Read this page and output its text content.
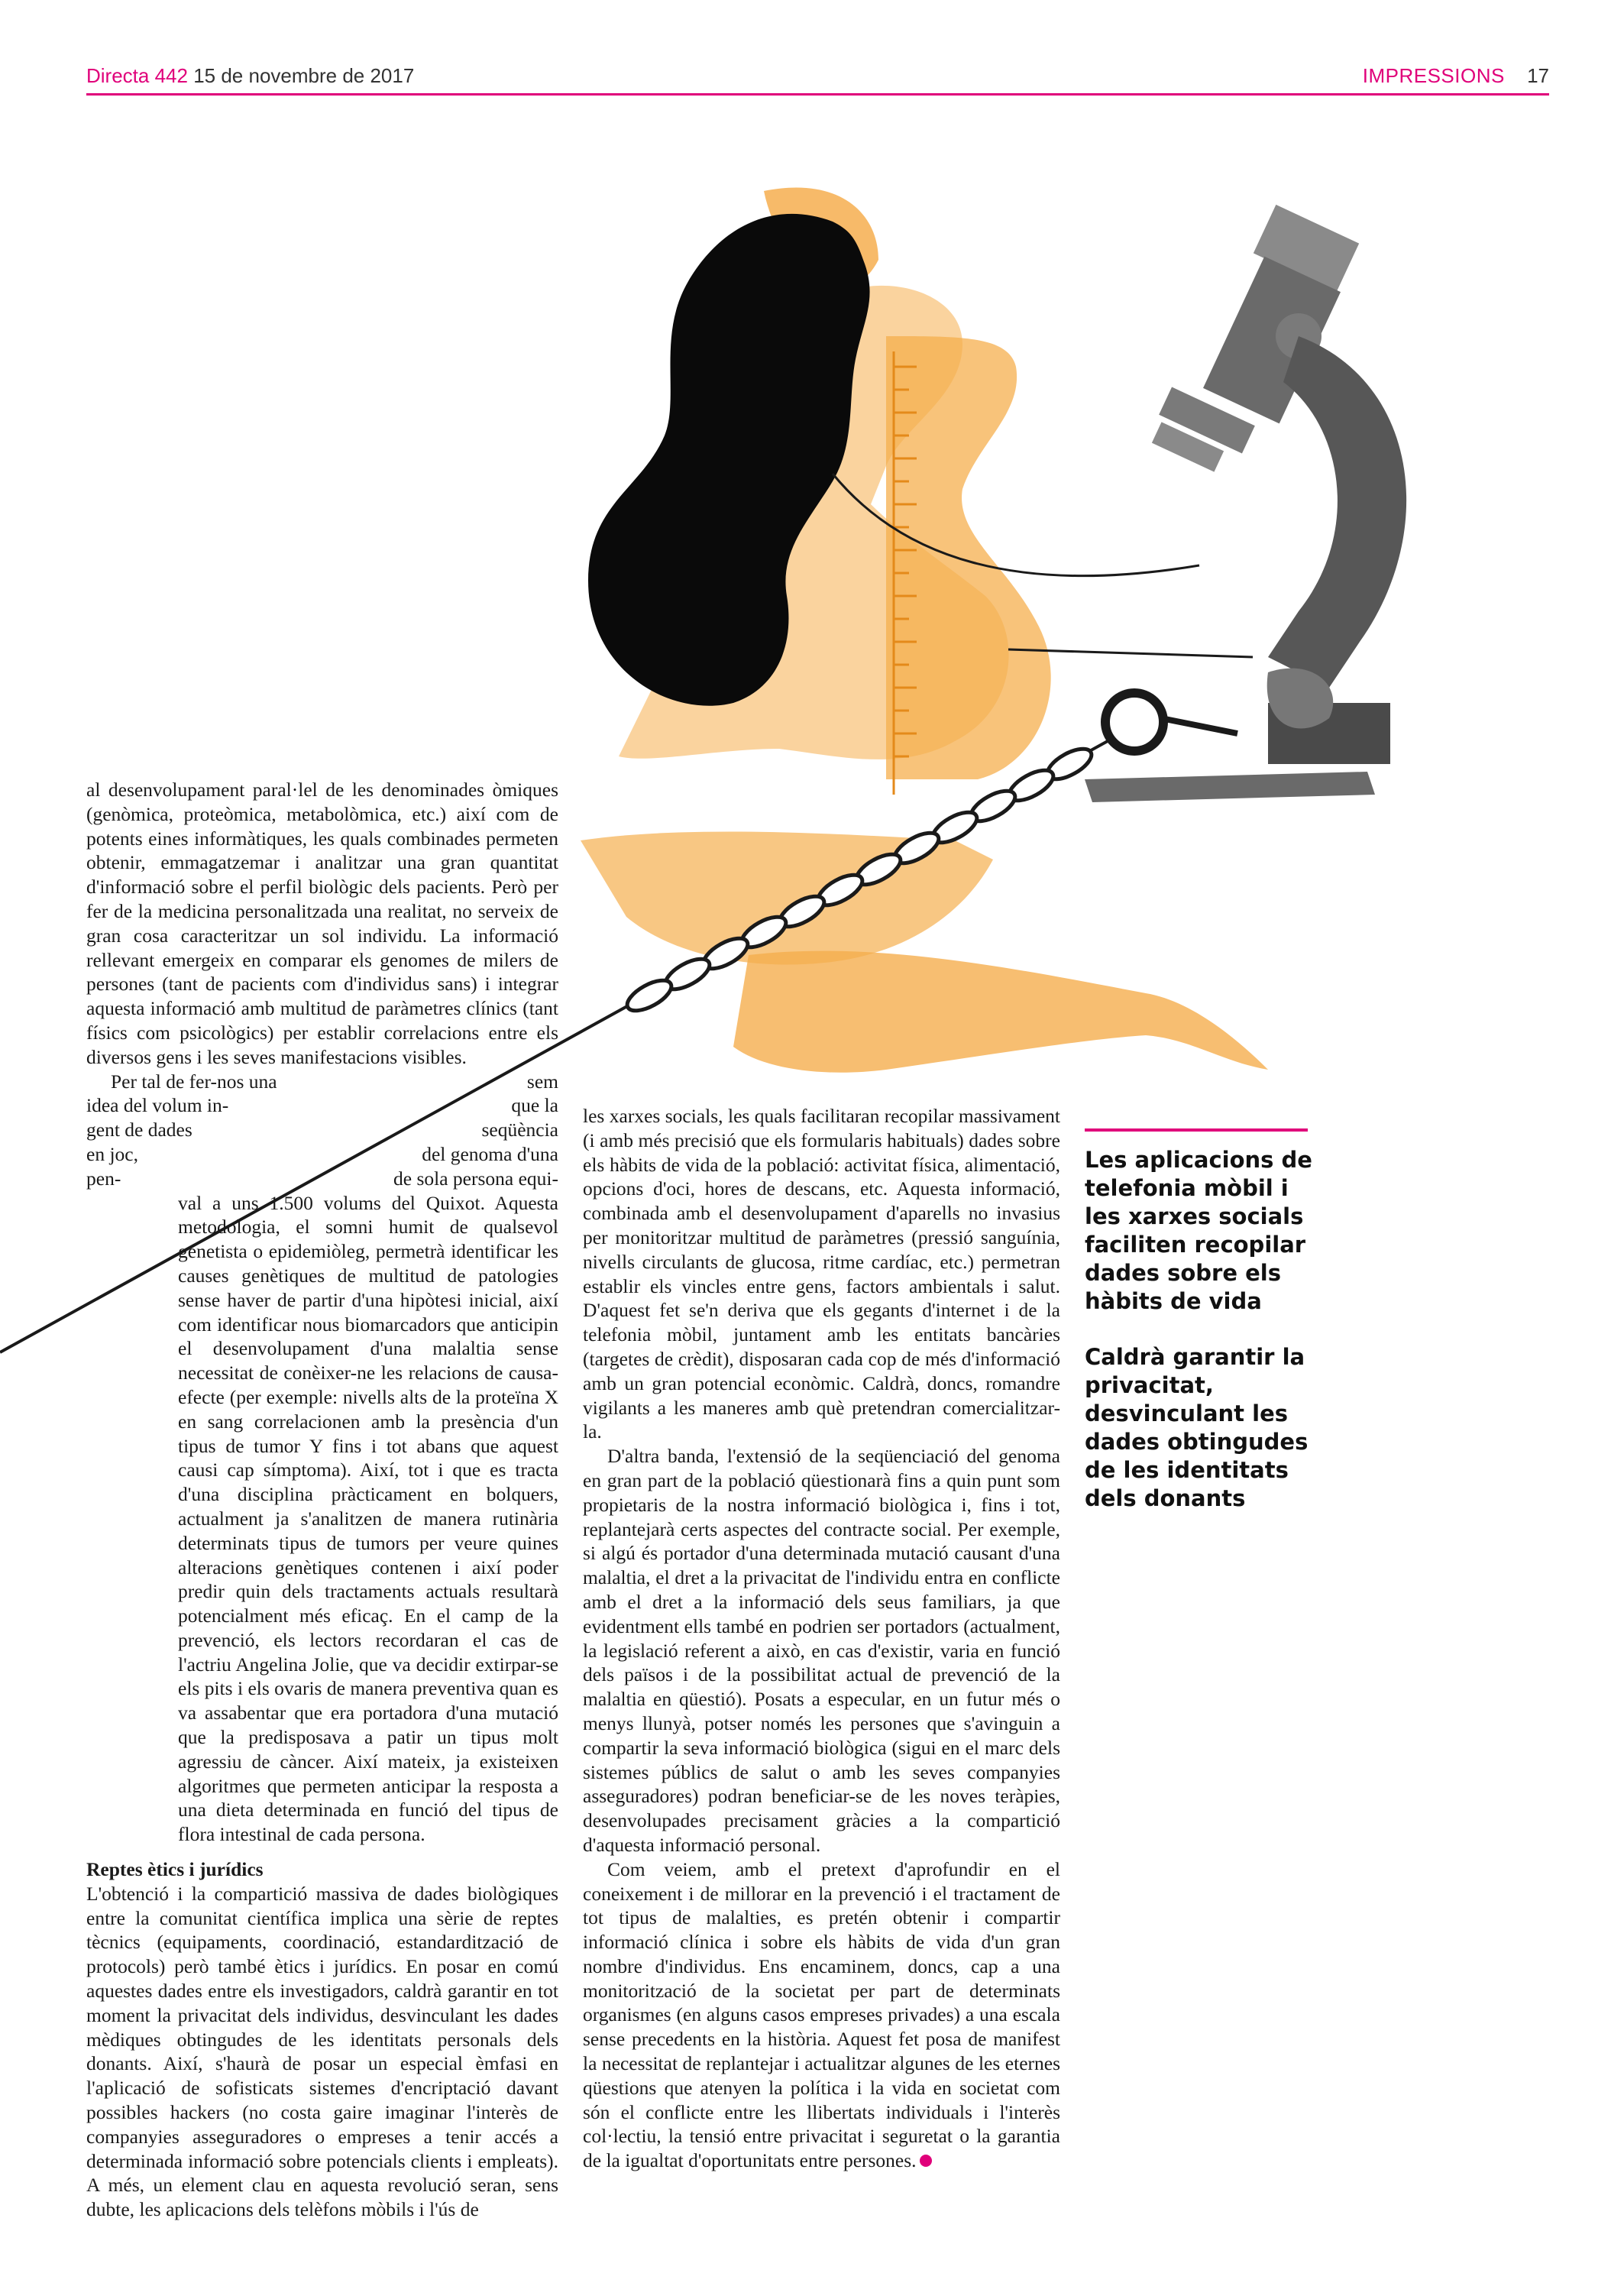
Directa 442 15 de novembre de 2017	IMPRESSIONS 17

al desenvolupament paral·lel de les denominades òmiques (genòmica, proteòmica, metabolòmica, etc.) així com de potents eines informàtiques, les quals combinades permeten obtenir, emmagatzemar i analitzar una gran quantitat d'informació sobre el perfil biològic dels pacients. Però per fer de la medicina personalitzada una realitat, no serveix de gran cosa caracteritzar un sol individu. La informació rellevant emergeix en comparar els genomes de milers de persones (tant de pacients com d'individus sans) i integrar aquesta informació amb multitud de paràmetres clínics (tant físics com psicològics) per establir correlacions entre els diversos gens i les seves manifestacions visibles.

Per tal de fer-nos una	sem
idea del volum in-	que la
gent de dades	seqüència
en joc,	del genoma d'una
pen-	de sola persona equi-

val a uns 1.500 volums del Quixot. Aquesta metodologia, el somni humit de qualsevol genetista o epidemiòleg, permetrà identificar les causes genètiques de multitud de patologies sense haver de partir d'una hipòtesi inicial, així com identificar nous biomarcadors que anticipin el desenvolupament d'una malaltia sense necessitat de conèixer-ne les relacions de causa-efecte (per exemple: nivells alts de la proteïna X en sang correlacionen amb la presència d'un tipus de tumor Y fins i tot abans que aquest causi cap símptoma). Així, tot i que es tracta d'una disciplina pràcticament en bolquers, actualment ja s'analitzen de manera rutinària determinats tipus de tumors per veure quines alteracions genètiques contenen i així poder predir quin dels tractaments actuals resultarà potencialment més eficaç. En el camp de la prevenció, els lectors recordaran el cas de l'actriu Angelina Jolie, que va decidir extirpar-se els pits i els ovaris de manera preventiva quan es va assabentar que era portadora d'una mutació que la predisposava a patir un tipus molt agressiu de càncer. Així mateix, ja existeixen algoritmes que permeten anticipar la resposta a una dieta determinada en funció del tipus de flora intestinal de cada persona.

Reptes ètics i jurídics

L'obtenció i la compartició massiva de dades biològiques entre la comunitat científica implica una sèrie de reptes tècnics (equipaments, coordinació, estandardització de protocols) però també ètics i jurídics. En posar en comú aquestes dades entre els investigadors, caldrà garantir en tot moment la privacitat dels individus, desvinculant les dades mèdiques obtingudes de les identitats personals dels donants. Així, s'haurà de posar un especial èmfasi en l'aplicació de sofisticats sistemes d'encriptació davant possibles hackers (no costa gaire imaginar l'interès de companyies asseguradores o empreses a tenir accés a determinada informació sobre potencials clients i empleats). A més, un element clau en aquesta revolució seran, sens dubte, les aplicacions dels telèfons mòbils i l'ús de

les xarxes socials, les quals facilitaran recopilar massivament (i amb més precisió que els formularis habituals) dades sobre els hàbits de vida de la població: activitat física, alimentació, opcions d'oci, hores de descans, etc. Aquesta informació, combinada amb el desenvolupament d'aparells no invasius per monitoritzar multitud de paràmetres (pressió sanguínia, nivells circulants de glucosa, ritme cardíac, etc.) permetran establir els vincles entre gens, factors ambientals i salut. D'aquest fet se'n deriva que els gegants d'internet i de la telefonia mòbil, juntament amb les entitats bancàries (targetes de crèdit), disposaran cada cop de més d'informació amb un gran potencial econòmic. Caldrà, doncs, romandre vigilants a les maneres amb què pretendran comercialitzar-la.

D'altra banda, l'extensió de la seqüenciació del genoma en gran part de la població qüestionarà fins a quin punt som propietaris de la nostra informació biològica i, fins i tot, replantejarà certs aspectes del contracte social. Per exemple, si algú és portador d'una determinada mutació causant d'una malaltia, el dret a la privacitat de l'individu entra en conflicte amb el dret a la informació dels seus familiars, ja que evidentment ells també en podrien ser portadors (actualment, la legislació referent a això, en cas d'existir, varia en funció dels països i de la possibilitat actual de prevenció de la malaltia en qüestió). Posats a especular, en un futur més o menys llunyà, potser només les persones que s'avinguin a compartir la seva informació biològica (sigui en el marc dels sistemes públics de salut o amb les seves companyies asseguradores) podran beneficiar-se de les noves teràpies, desenvolupades precisament gràcies a la compartició d'aquesta informació personal.

Com veiem, amb el pretext d'aprofundir en el coneixement i de millorar en la prevenció i el tractament de tot tipus de malalties, es pretén obtenir i compartir informació clínica i sobre els hàbits de vida d'un gran nombre d'individus. Ens encaminem, doncs, cap a una monitorització de la societat per part de determinats organismes (en alguns casos empreses privades) a una escala sense precedents en la història. Aquest fet posa de manifest la necessitat de replantejar i actualitzar algunes de les eternes qüestions que atenyen la política i la vida en societat com són el conflicte entre les llibertats individuals i l'interès col·lectiu, la tensió entre privacitat i seguretat o la garantia de la igualtat d'oportunitats entre persones.

Les aplicacions de telefonia mòbil i les xarxes socials faciliten recopilar dades sobre els hàbits de vida

Caldrà garantir la privacitat, desvinculant les dades obtingudes de les identitats dels donants
